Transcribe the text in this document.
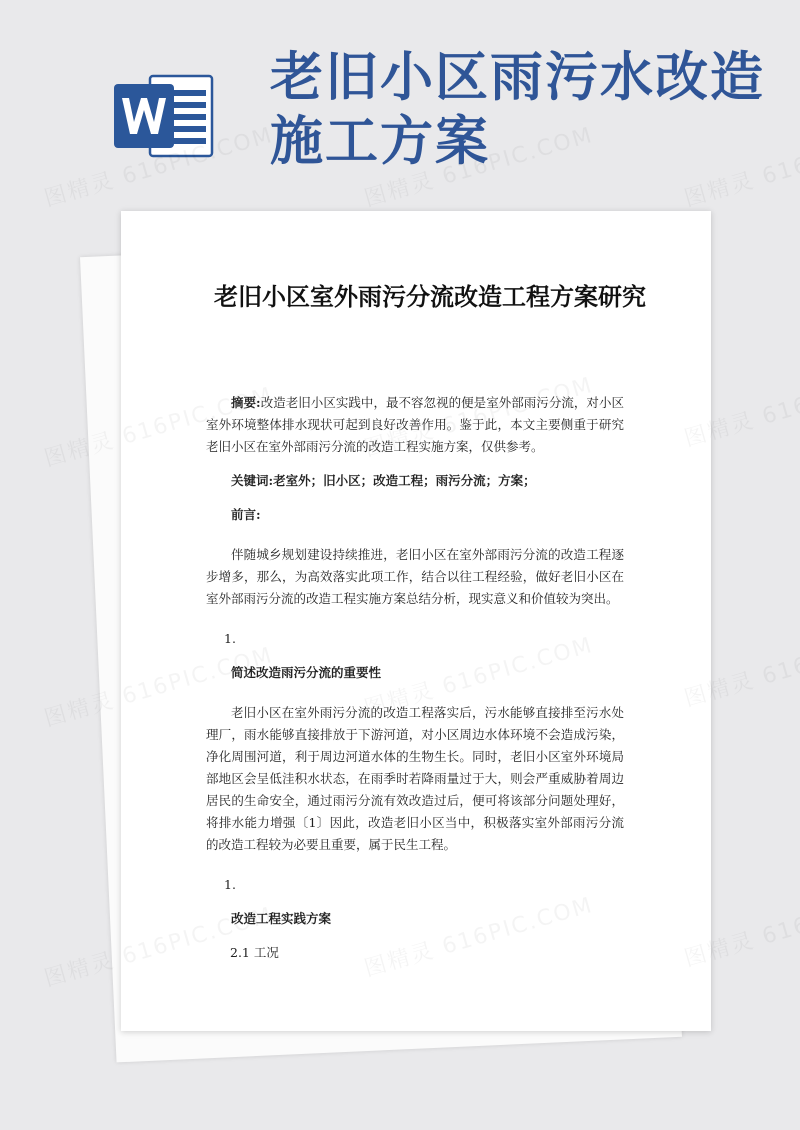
老旧小区雨污水改造施工方案
老旧小区室外雨污分流改造工程方案研究

摘要:改造老旧小区实践中，最不容忽视的便是室外部雨污分流，对小区室外环境整体排水现状可起到良好改善作用。鉴于此，本文主要侧重于研究老旧小区在室外部雨污分流的改造工程实施方案，仅供参考。

关键词:老室外；旧小区；改造工程；雨污分流；方案；

前言:

伴随城乡规划建设持续推进，老旧小区在室外部雨污分流的改造工程逐步增多，那么，为高效落实此项工作，结合以往工程经验，做好老旧小区在室外部雨污分流的改造工程实施方案总结分析，现实意义和价值较为突出。

1.

简述改造雨污分流的重要性

老旧小区在室外雨污分流的改造工程落实后，污水能够直接排至污水处理厂，雨水能够直接排放于下游河道，对小区周边水体环境不会造成污染，净化周围河道，利于周边河道水体的生物生长。同时，老旧小区室外环境局部地区会呈低洼积水状态，在雨季时若降雨量过于大，则会严重威胁着周边居民的生命安全，通过雨污分流有效改造过后，便可将该部分问题处理好，将排水能力增强〔1〕因此，改造老旧小区当中，积极落实室外部雨污分流的改造工程较为必要且重要，属于民生工程。

1.

改造工程实践方案

2.1 工况
